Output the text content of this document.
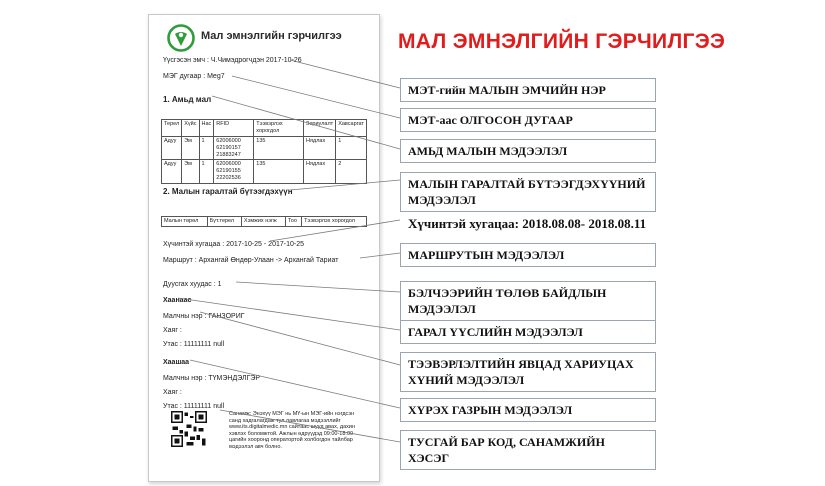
Мал эмнэлгийн гэрчилгээ
Үүсгэсэн эмч : Ч.Чимэдрогчдэн 2017-10-26
МЭГ дугаар : Meg7
1. Амьд мал
Терел	Хүйс	Нас	RFID	Тээвэрлэх хорогдол	Зориулалт	Хавсаргат
Адуу	Эм	1	62006000 62190157 21883247	135	Нядлах	1
Адуу	Эм	1	62006000 62190155 22202536	135	Нядлах	2
2. Малын гаралтай бүтээгдэхүүн
Малын төрөл	Бүт.терел	Хэмжих нэгж	Тоо	Тээвэрлэх хорогдол
Хүчинтэй хугацаа : 2017-10-25 - 2017-10-25
Маршрут : Архангай Өндөр-Улаан -> Архангай Тариат
Дуусгах хуудас : 1
Хаанаас
Малчны нэр : ГАНЗОРИГ
Хаяг :
Утас : 11111111 null
Хаашаа
Малчны нэр : ТҮМЭНДЭЛГЭР
Хаяг :
Утас : 11111111 null
Санамж: Энэхүү МЭГ нь МҮ-ын МЭГ-ийн нэгдсэн санд хадгалагдаж тул лавлагаа мэдээллийг www.its.digitalmedic.mn сайтаас шууд авах, дахин хэвлэх боломжтой. Ажлын өдрүүдэд 09:00-18:00 цагийн хооронд оператортой холбогдон тайлбар мэдээлэл авч болно.
МАЛ ЭМНЭЛГИЙН ГЭРЧИЛГЭЭ
МЭТ-гийн МАЛЫН ЭМЧИЙН НЭР
МЭТ-аас ОЛГОСОН ДУГААР
АМЬД МАЛЫН МЭДЭЭЛЭЛ
МАЛЫН ГАРАЛТАЙ БҮТЭЭГДЭХҮҮНИЙ МЭДЭЭЛЭЛ
Хүчинтэй хугацаа: 2018.08.08- 2018.08.11
МАРШРУТЫН МЭДЭЭЛЭЛ
БЭЛЧЭЭРИЙН ТӨЛӨВ БАЙДЛЫН МЭДЭЭЛЭЛ
ГАРАЛ ҮҮСЛИЙН МЭДЭЭЛЭЛ
ТЭЭВЭРЛЭЛТИЙН ЯВЦАД ХАРИУЦАХ ХҮНИЙ МЭДЭЭЛЭЛ
ХҮРЭХ ГАЗРЫН МЭДЭЭЛЭЛ
ТУСГАЙ БАР КОД, САНАМЖИЙН ХЭСЭГ
